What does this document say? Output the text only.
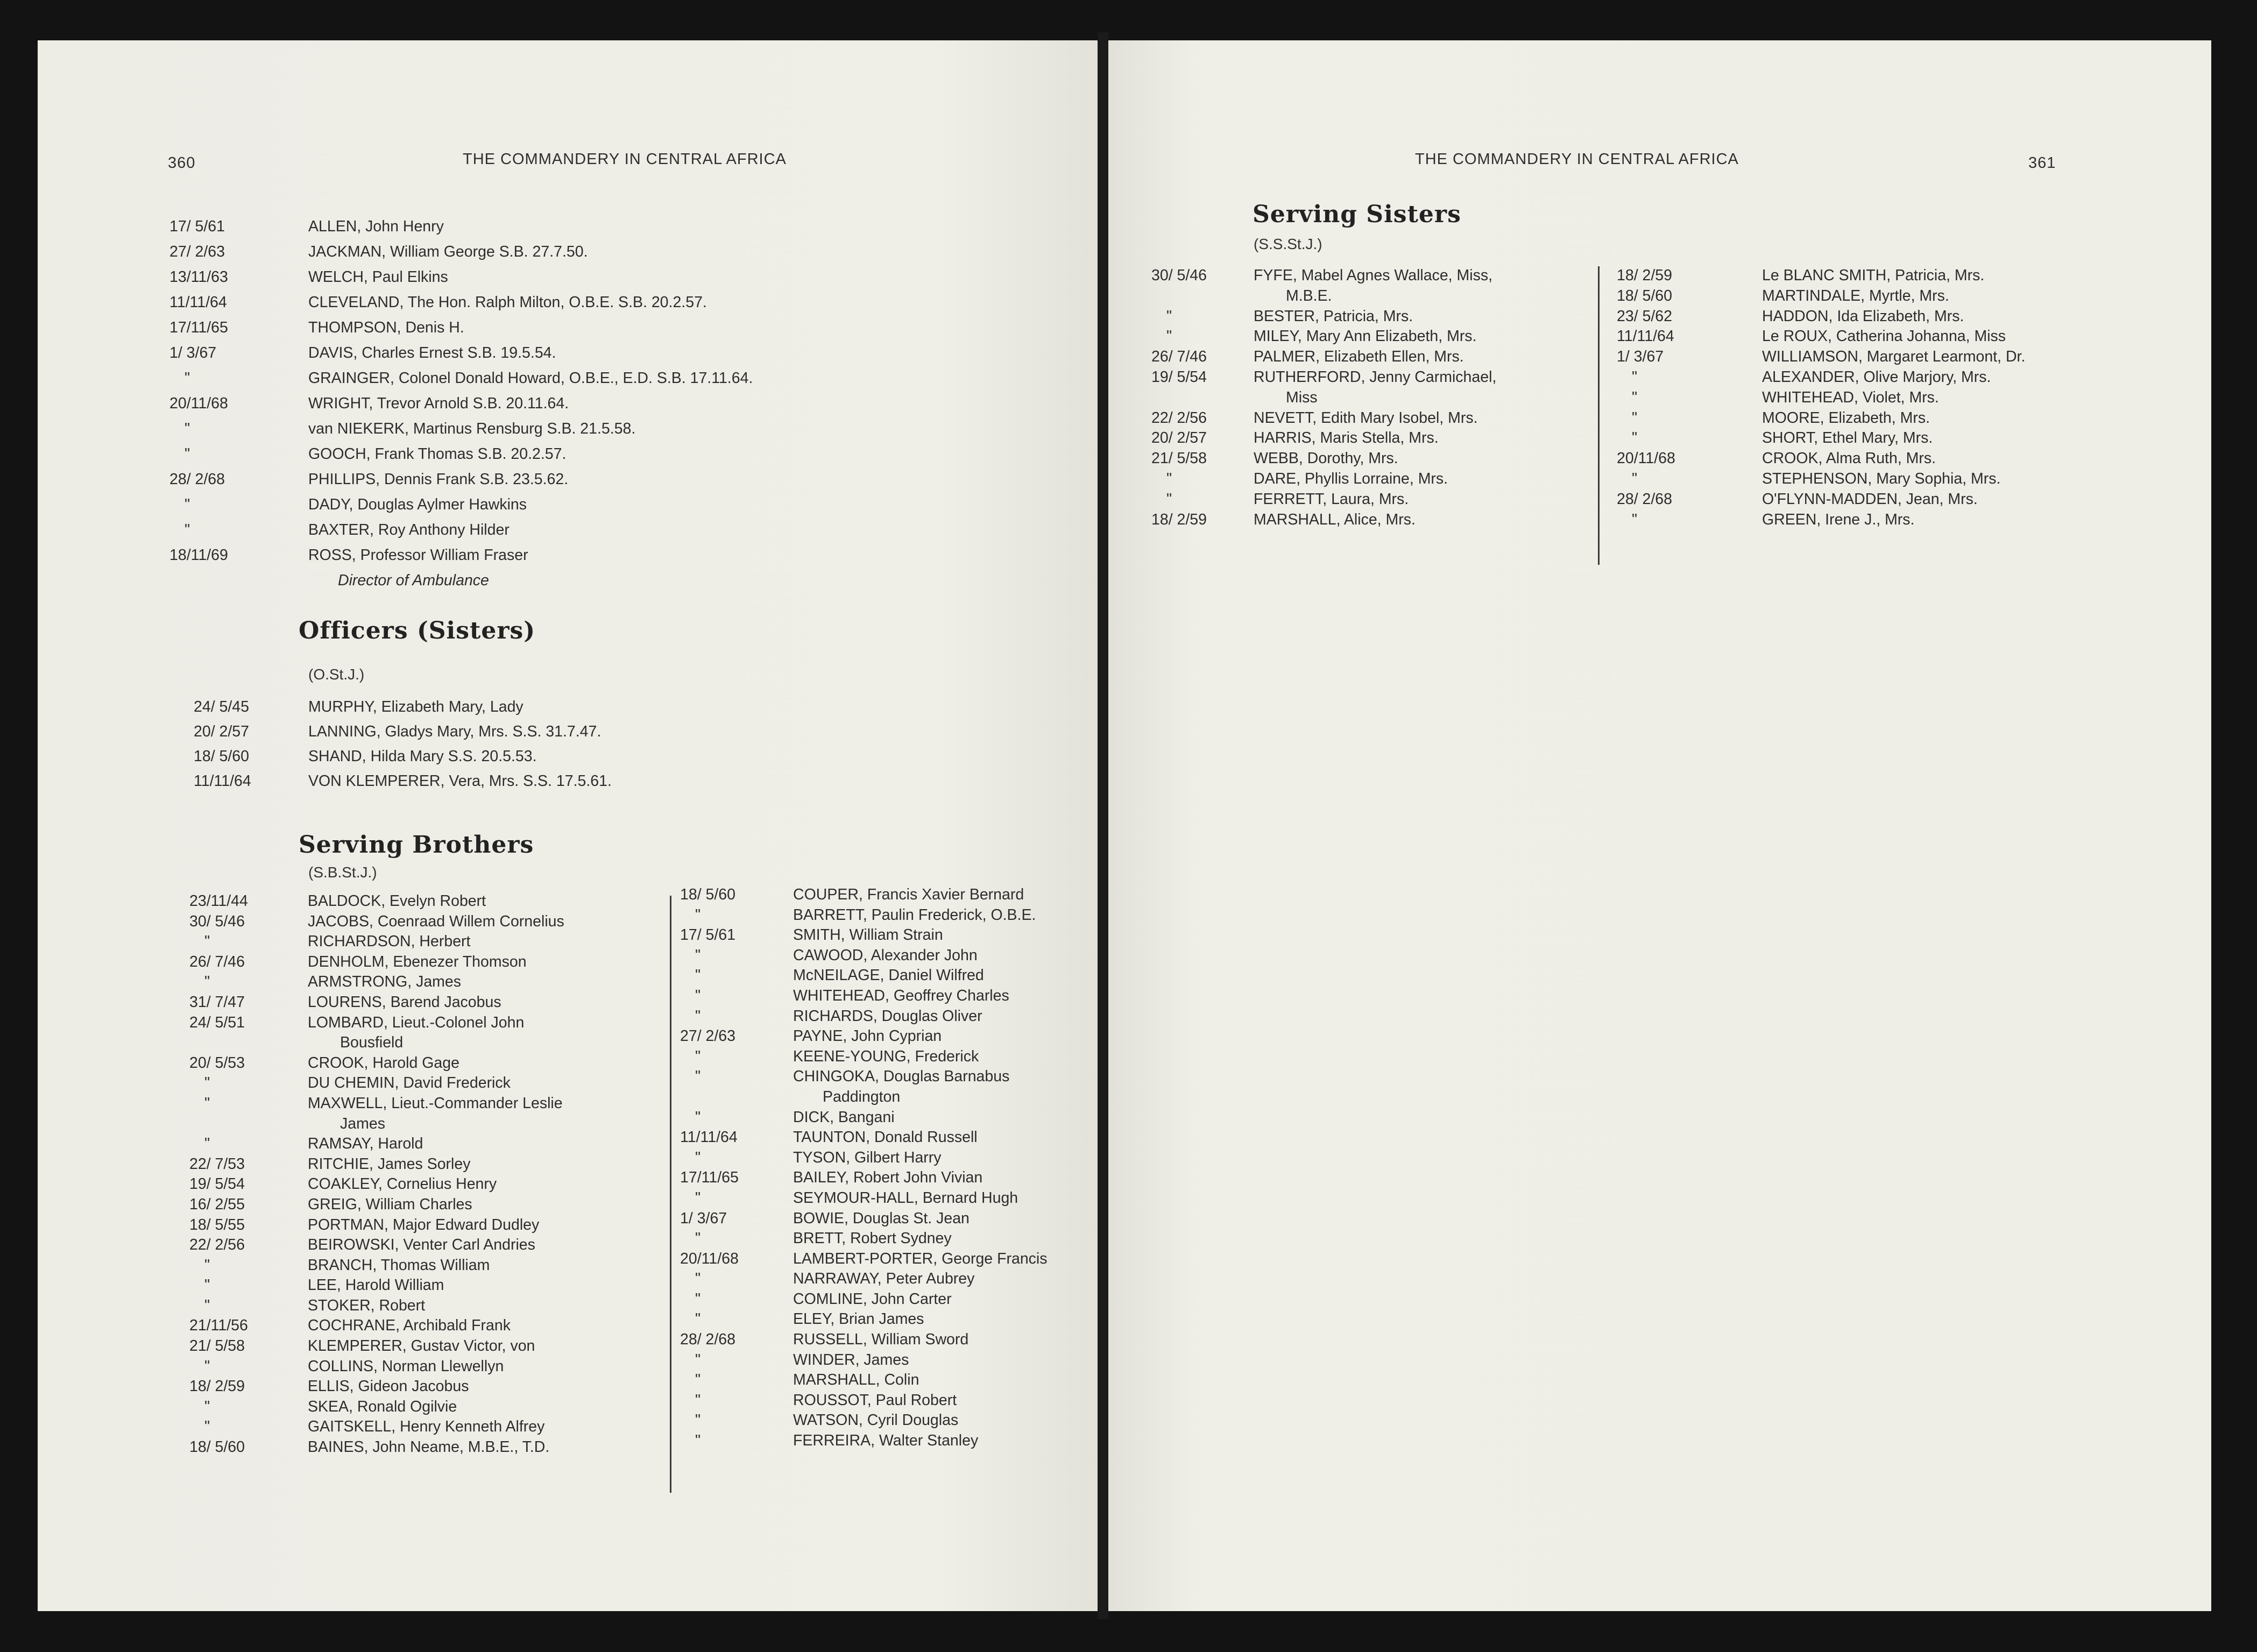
360	THE COMMANDERY IN CENTRAL AFRICA
17/ 5/61	ALLEN, John Henry
27/ 2/63	JACKMAN, William George S.B. 27.7.50.
13/11/63	WELCH, Paul Elkins
11/11/64	CLEVELAND, The Hon. Ralph Milton, O.B.E. S.B. 20.2.57.
17/11/65	THOMPSON, Denis H.
1/ 3/67	DAVIS, Charles Ernest S.B. 19.5.54.
"	GRAINGER, Colonel Donald Howard, O.B.E., E.D. S.B. 17.11.64.
20/11/68	WRIGHT, Trevor Arnold S.B. 20.11.64.
"	van NIEKERK, Martinus Rensburg S.B. 21.5.58.
"	GOOCH, Frank Thomas S.B. 20.2.57.
28/ 2/68	PHILLIPS, Dennis Frank S.B. 23.5.62.
"	DADY, Douglas Aylmer Hawkins
"	BAXTER, Roy Anthony Hilder
18/11/69	ROSS, Professor William Fraser
Director of Ambulance
Officers (Sisters)
(O.St.J.)
24/ 5/45	MURPHY, Elizabeth Mary, Lady
20/ 2/57	LANNING, Gladys Mary, Mrs. S.S. 31.7.47.
18/ 5/60	SHAND, Hilda Mary S.S. 20.5.53.
11/11/64	VON KLEMPERER, Vera, Mrs. S.S. 17.5.61.
Serving Brothers
(S.B.St.J.)
23/11/44	BALDOCK, Evelyn Robert
30/ 5/46	JACOBS, Coenraad Willem Cornelius
"	RICHARDSON, Herbert
26/ 7/46	DENHOLM, Ebenezer Thomson
"	ARMSTRONG, James
31/ 7/47	LOURENS, Barend Jacobus
24/ 5/51	LOMBARD, Lieut.-Colonel John
Bousfield
20/ 5/53	CROOK, Harold Gage
"	DU CHEMIN, David Frederick
"	MAXWELL, Lieut.-Commander Leslie
James
"	RAMSAY, Harold
22/ 7/53	RITCHIE, James Sorley
19/ 5/54	COAKLEY, Cornelius Henry
16/ 2/55	GREIG, William Charles
18/ 5/55	PORTMAN, Major Edward Dudley
22/ 2/56	BEIROWSKI, Venter Carl Andries
"	BRANCH, Thomas William
"	LEE, Harold William
"	STOKER, Robert
21/11/56	COCHRANE, Archibald Frank
21/ 5/58	KLEMPERER, Gustav Victor, von
"	COLLINS, Norman Llewellyn
18/ 2/59	ELLIS, Gideon Jacobus
"	SKEA, Ronald Ogilvie
"	GAITSKELL, Henry Kenneth Alfrey
18/ 5/60	BAINES, John Neame, M.B.E., T.D.
18/ 5/60	COUPER, Francis Xavier Bernard
"	BARRETT, Paulin Frederick, O.B.E.
17/ 5/61	SMITH, William Strain
"	CAWOOD, Alexander John
"	McNEILAGE, Daniel Wilfred
"	WHITEHEAD, Geoffrey Charles
"	RICHARDS, Douglas Oliver
27/ 2/63	PAYNE, John Cyprian
"	KEENE-YOUNG, Frederick
"	CHINGOKA, Douglas Barnabus
Paddington
"	DICK, Bangani
11/11/64	TAUNTON, Donald Russell
"	TYSON, Gilbert Harry
17/11/65	BAILEY, Robert John Vivian
"	SEYMOUR-HALL, Bernard Hugh
1/ 3/67	BOWIE, Douglas St. Jean
"	BRETT, Robert Sydney
20/11/68	LAMBERT-PORTER, George Francis
"	NARRAWAY, Peter Aubrey
"	COMLINE, John Carter
"	ELEY, Brian James
28/ 2/68	RUSSELL, William Sword
"	WINDER, James
"	MARSHALL, Colin
"	ROUSSOT, Paul Robert
"	WATSON, Cyril Douglas
"	FERREIRA, Walter Stanley
THE COMMANDERY IN CENTRAL AFRICA	361
Serving Sisters
(S.S.St.J.)
30/ 5/46	FYFE, Mabel Agnes Wallace, Miss,
M.B.E.
"	BESTER, Patricia, Mrs.
"	MILEY, Mary Ann Elizabeth, Mrs.
26/ 7/46	PALMER, Elizabeth Ellen, Mrs.
19/ 5/54	RUTHERFORD, Jenny Carmichael,
Miss
22/ 2/56	NEVETT, Edith Mary Isobel, Mrs.
20/ 2/57	HARRIS, Maris Stella, Mrs.
21/ 5/58	WEBB, Dorothy, Mrs.
"	DARE, Phyllis Lorraine, Mrs.
"	FERRETT, Laura, Mrs.
18/ 2/59	MARSHALL, Alice, Mrs.
18/ 2/59	Le BLANC SMITH, Patricia, Mrs.
18/ 5/60	MARTINDALE, Myrtle, Mrs.
23/ 5/62	HADDON, Ida Elizabeth, Mrs.
11/11/64	Le ROUX, Catherina Johanna, Miss
1/ 3/67	WILLIAMSON, Margaret Learmont, Dr.
"	ALEXANDER, Olive Marjory, Mrs.
"	WHITEHEAD, Violet, Mrs.
"	MOORE, Elizabeth, Mrs.
"	SHORT, Ethel Mary, Mrs.
20/11/68	CROOK, Alma Ruth, Mrs.
"	STEPHENSON, Mary Sophia, Mrs.
28/ 2/68	O'FLYNN-MADDEN, Jean, Mrs.
"	GREEN, Irene J., Mrs.
